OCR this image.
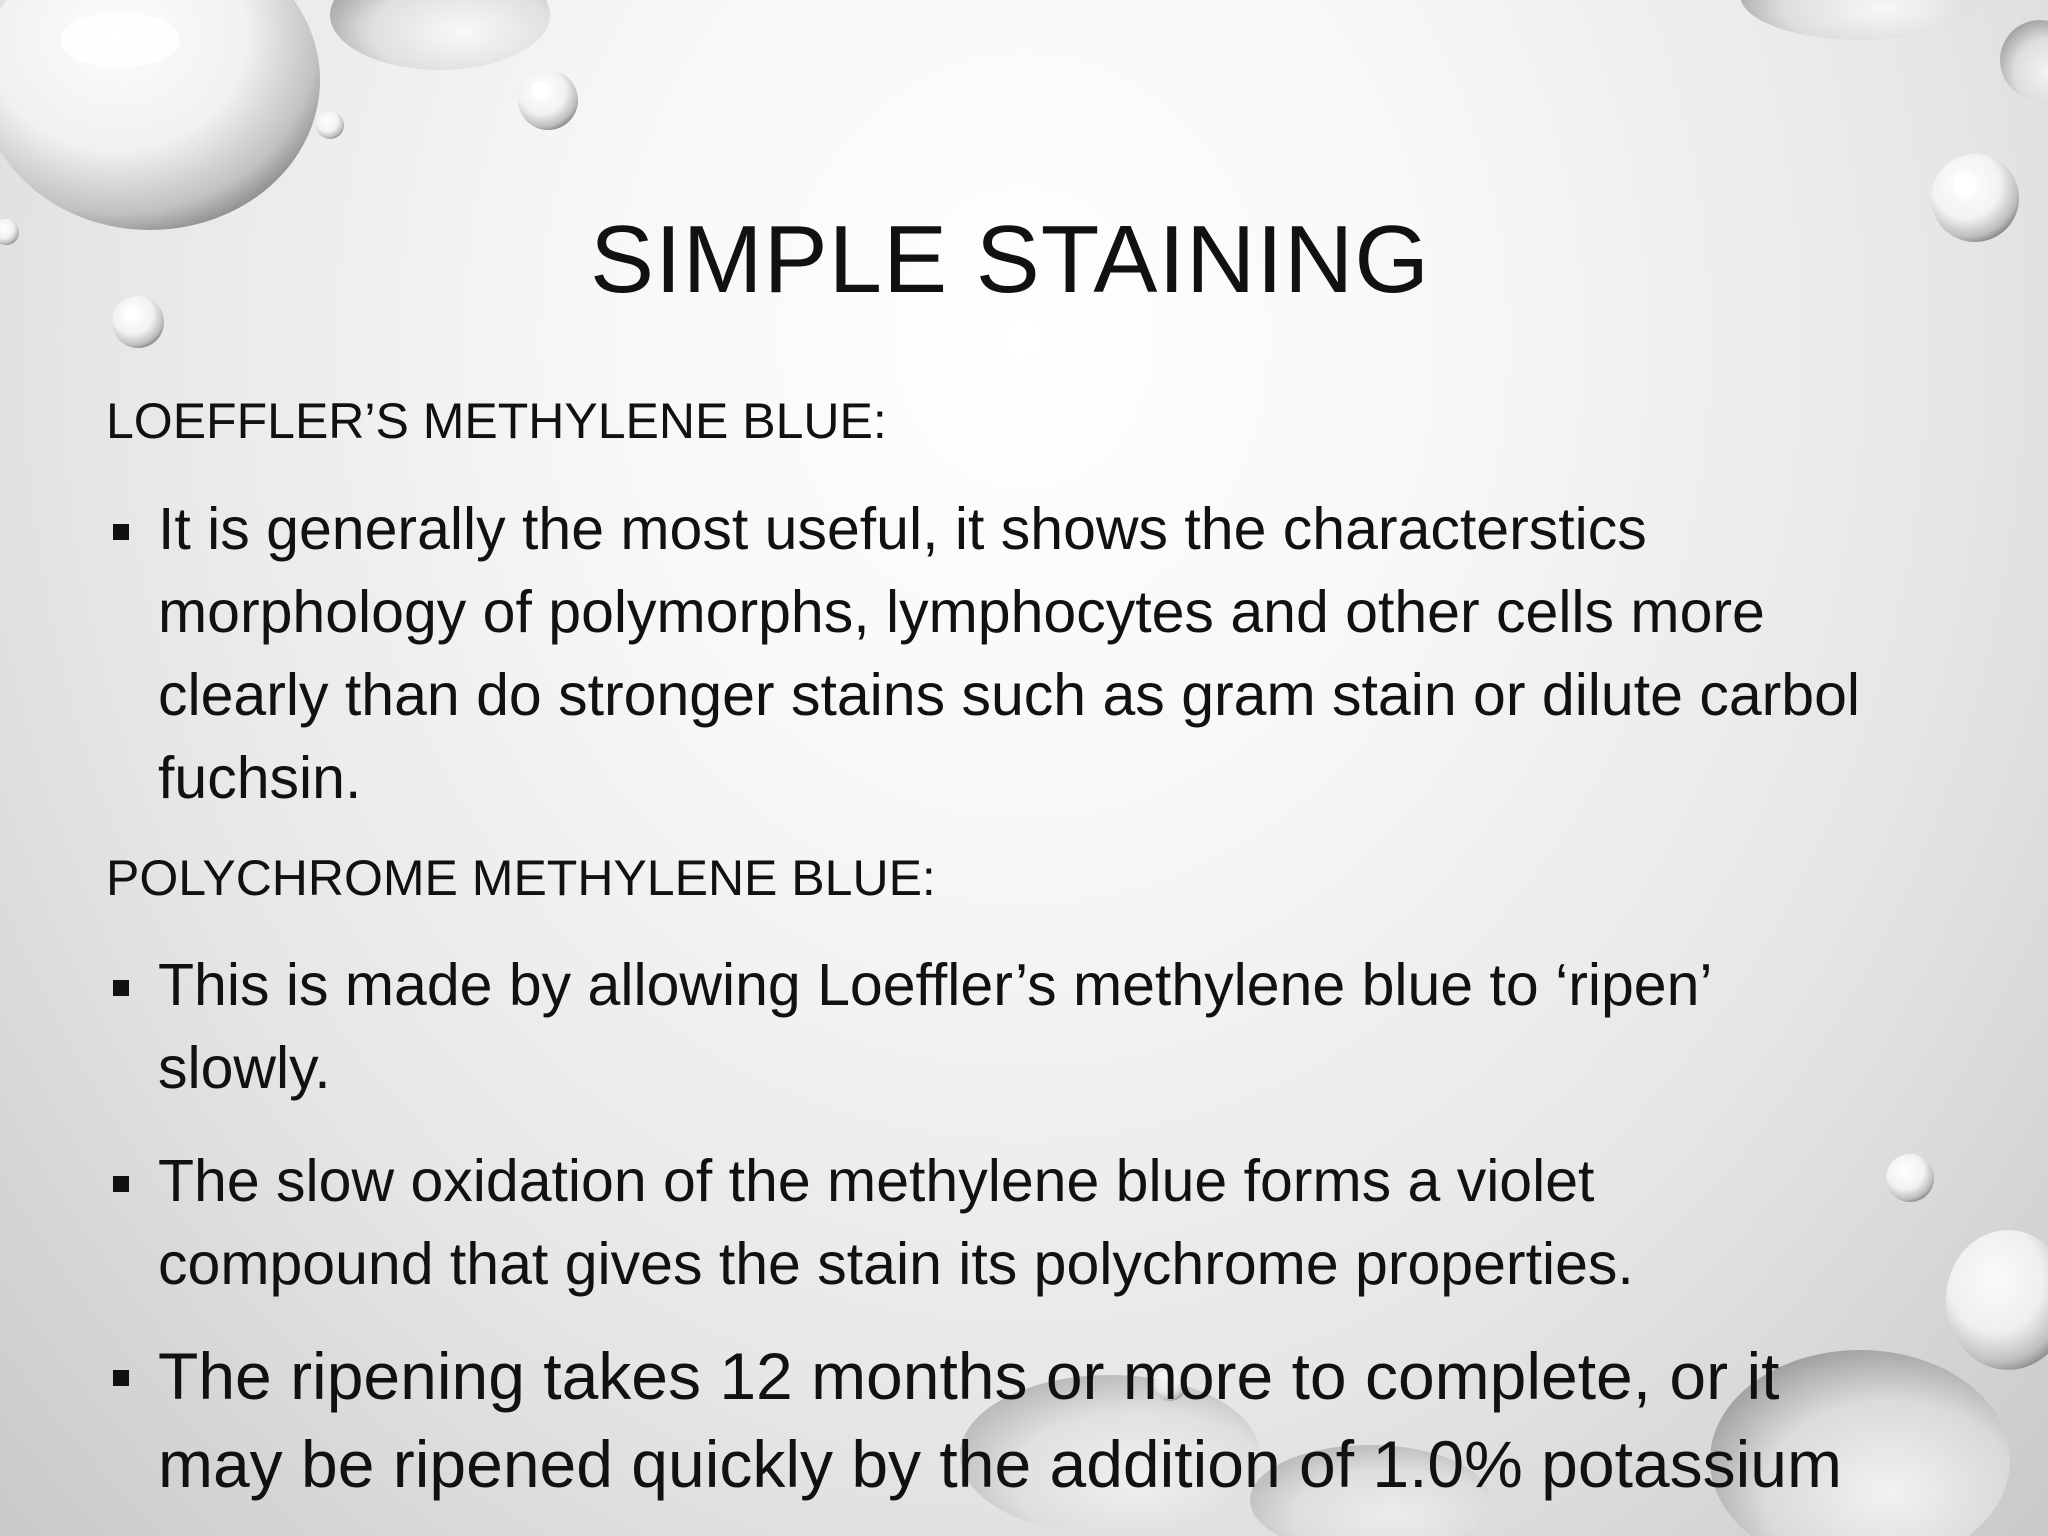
SIMPLE STAINING
LOEFFLER’S METHYLENE BLUE:
It is generally the most useful, it shows the characterstics
morphology of polymorphs, lymphocytes and other cells more
clearly than do stronger stains such as gram stain or dilute carbol
fuchsin.
POLYCHROME METHYLENE BLUE:
This is made by allowing Loeffler’s methylene blue to ‘ripen’
slowly.
The slow oxidation of the methylene blue forms a violet
compound that gives the stain its polychrome properties.
The ripening takes 12 months or more to complete, or it
may be ripened quickly by the addition of 1.0% potassium
